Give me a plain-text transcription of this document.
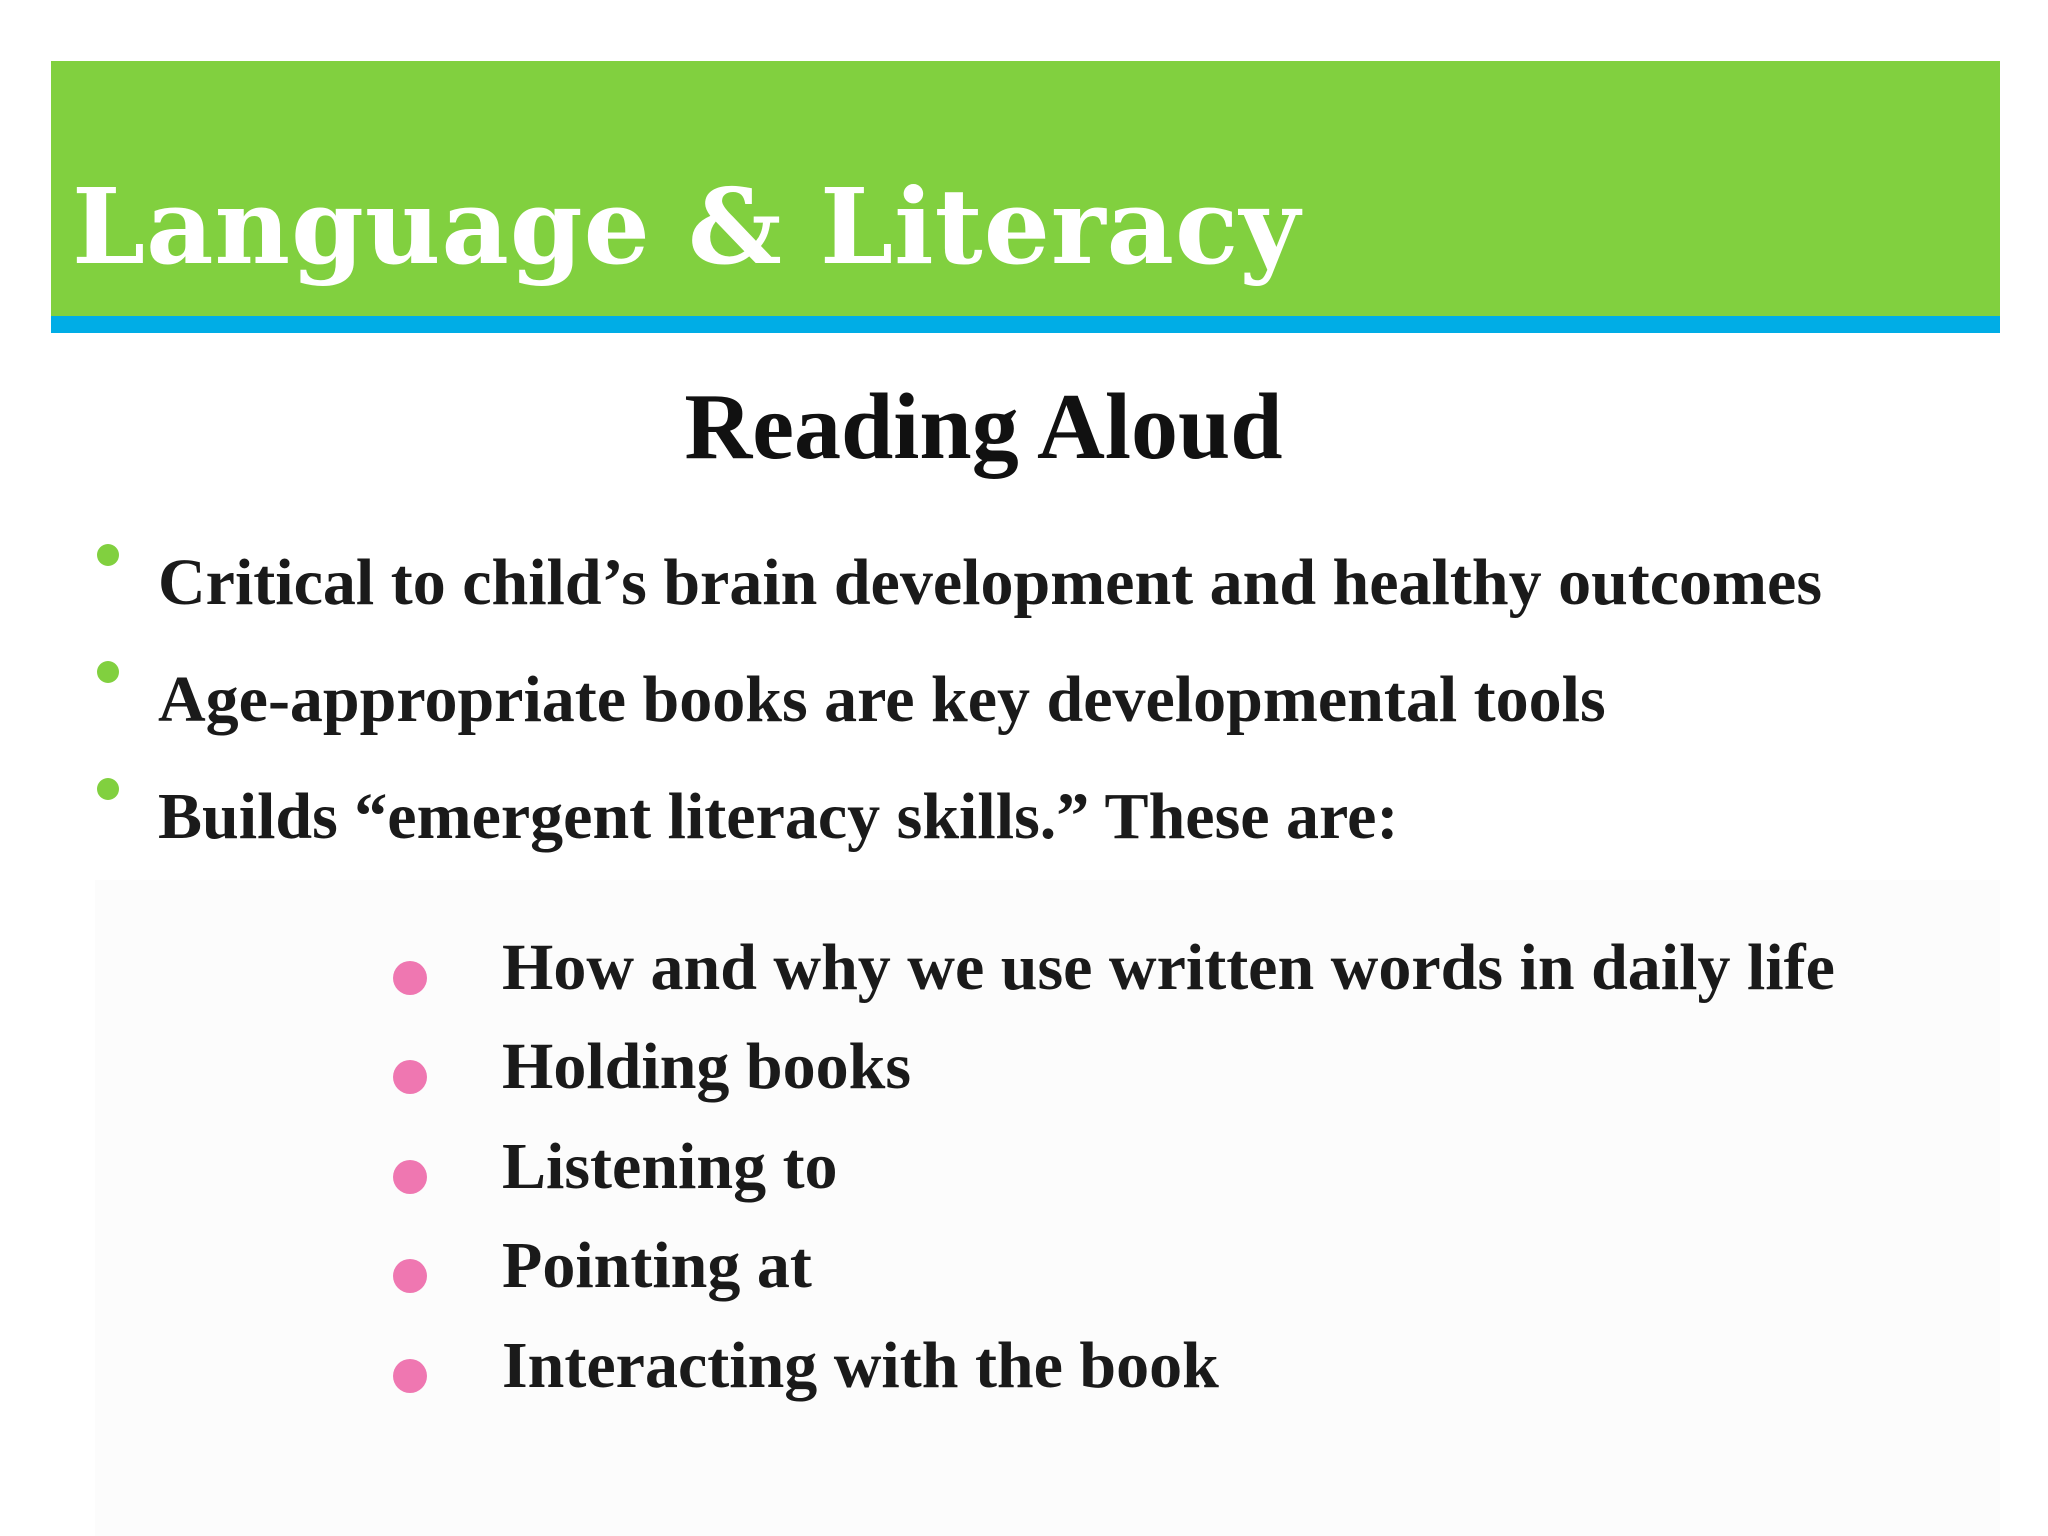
Language & Literacy
Reading Aloud
Critical to child’s brain development and healthy outcomes
Age-appropriate books are key developmental tools
Builds “emergent literacy skills.” These are:
How and why we use written words in daily life
Holding books
Listening to
Pointing at
Interacting with the book
